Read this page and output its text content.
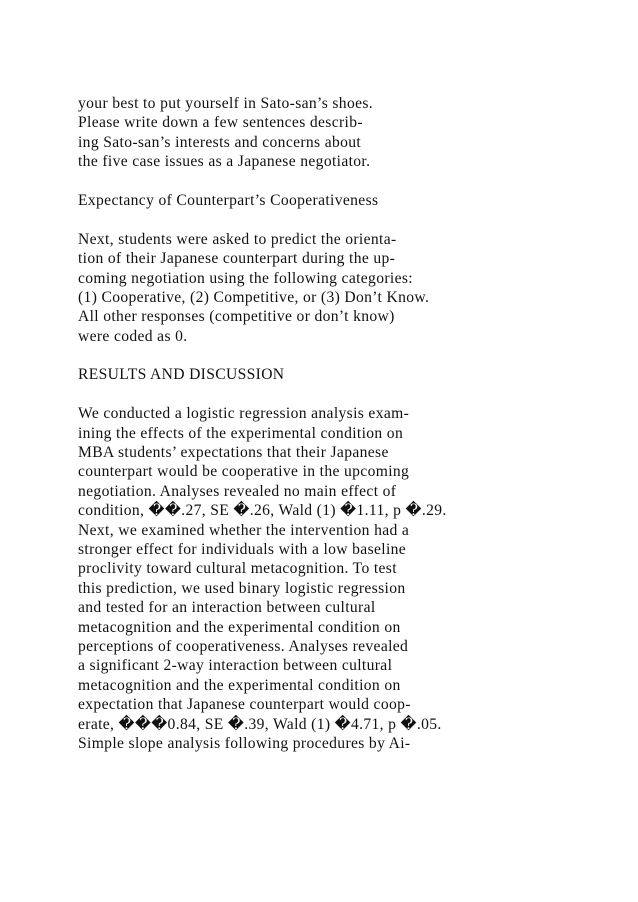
your best to put yourself in Sato-san’s shoes.
Please write down a few sentences describ-
ing Sato-san’s interests and concerns about
the five case issues as a Japanese negotiator.
Expectancy of Counterpart’s Cooperativeness
Next, students were asked to predict the orienta-
tion of their Japanese counterpart during the up-
coming negotiation using the following categories:
(1) Cooperative, (2) Competitive, or (3) Don’t Know.
All other responses (competitive or don’t know)
were coded as 0.
RESULTS AND DISCUSSION
We conducted a logistic regression analysis exam-
ining the effects of the experimental condition on
MBA students’ expectations that their Japanese
counterpart would be cooperative in the upcoming
negotiation. Analyses revealed no main effect of
condition, ��.27, SE �.26, Wald (1) �1.11, p �.29.
Next, we examined whether the intervention had a
stronger effect for individuals with a low baseline
proclivity toward cultural metacognition. To test
this prediction, we used binary logistic regression
and tested for an interaction between cultural
metacognition and the experimental condition on
perceptions of cooperativeness. Analyses revealed
a significant 2-way interaction between cultural
metacognition and the experimental condition on
expectation that Japanese counterpart would coop-
erate, ���0.84, SE �.39, Wald (1) �4.71, p �.05.
Simple slope analysis following procedures by Ai-
